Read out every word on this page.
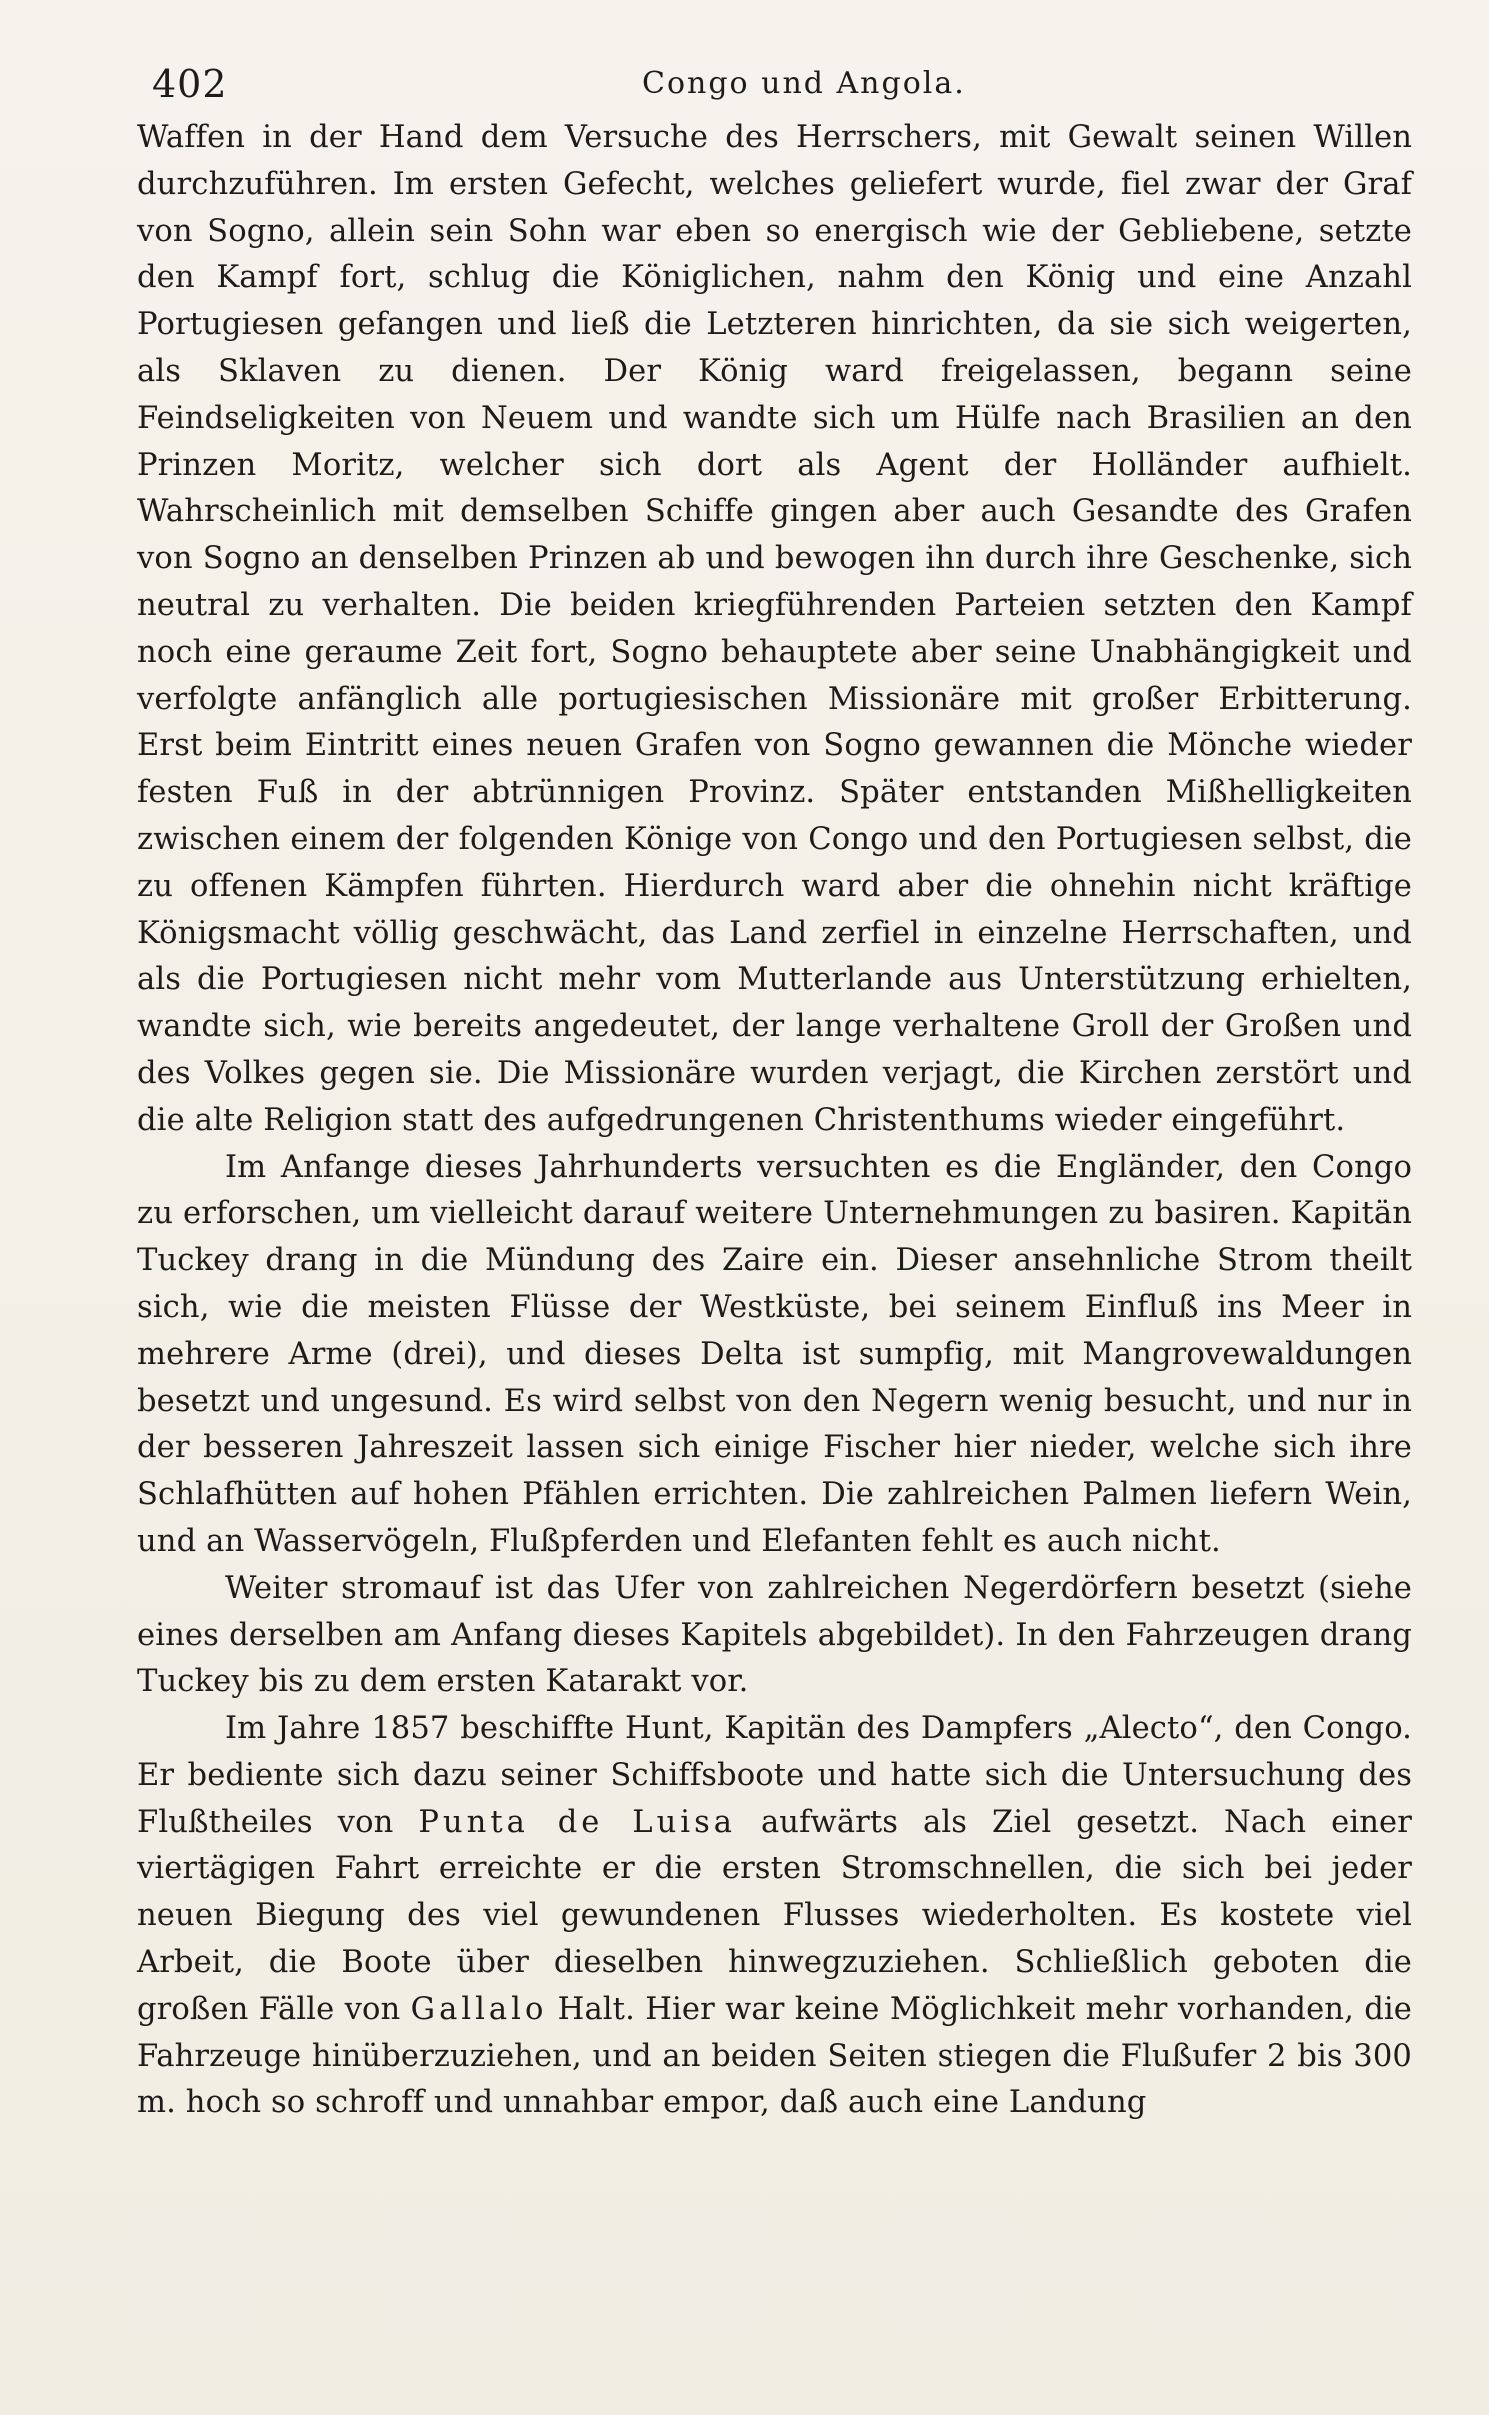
402	Congo und Angola.

Waffen in der Hand dem Versuche des Herrschers, mit Gewalt seinen Willen durchzuführen. Im ersten Gefecht, welches geliefert wurde, fiel zwar der Graf von Sogno, allein sein Sohn war eben so energisch wie der Gebliebene, setzte den Kampf fort, schlug die Königlichen, nahm den König und eine Anzahl Portugiesen gefangen und ließ die Letzteren hinrichten, da sie sich weigerten, als Sklaven zu dienen. Der König ward freigelassen, begann seine Feindseligkeiten von Neuem und wandte sich um Hülfe nach Brasilien an den Prinzen Moritz, welcher sich dort als Agent der Holländer aufhielt. Wahrscheinlich mit demselben Schiffe gingen aber auch Gesandte des Grafen von Sogno an denselben Prinzen ab und bewogen ihn durch ihre Geschenke, sich neutral zu verhalten. Die beiden kriegführenden Parteien setzten den Kampf noch eine geraume Zeit fort, Sogno behauptete aber seine Unabhängigkeit und verfolgte anfänglich alle portugiesischen Missionäre mit großer Erbitterung. Erst beim Eintritt eines neuen Grafen von Sogno gewannen die Mönche wieder festen Fuß in der abtrünnigen Provinz. Später entstanden Mißhelligkeiten zwischen einem der folgenden Könige von Congo und den Portugiesen selbst, die zu offenen Kämpfen führten. Hierdurch ward aber die ohnehin nicht kräftige Königsmacht völlig geschwächt, das Land zerfiel in einzelne Herrschaften, und als die Portugiesen nicht mehr vom Mutterlande aus Unterstützung erhielten, wandte sich, wie bereits angedeutet, der lange verhaltene Groll der Großen und des Volkes gegen sie. Die Missionäre wurden verjagt, die Kirchen zerstört und die alte Religion statt des aufgedrungenen Christenthums wieder eingeführt.

Im Anfange dieses Jahrhunderts versuchten es die Engländer, den Congo zu erforschen, um vielleicht darauf weitere Unternehmungen zu basiren. Kapitän Tuckey drang in die Mündung des Zaire ein. Dieser ansehnliche Strom theilt sich, wie die meisten Flüsse der Westküste, bei seinem Einfluß ins Meer in mehrere Arme (drei), und dieses Delta ist sumpfig, mit Mangrovewaldungen besetzt und ungesund. Es wird selbst von den Negern wenig besucht, und nur in der besseren Jahreszeit lassen sich einige Fischer hier nieder, welche sich ihre Schlafhütten auf hohen Pfählen errichten. Die zahlreichen Palmen liefern Wein, und an Wasservögeln, Flußpferden und Elefanten fehlt es auch nicht.

Weiter stromauf ist das Ufer von zahlreichen Negerdörfern besetzt (siehe eines derselben am Anfang dieses Kapitels abgebildet). In den Fahrzeugen drang Tuckey bis zu dem ersten Katarakt vor.

Im Jahre 1857 beschiffte Hunt, Kapitän des Dampfers „Alecto“, den Congo. Er bediente sich dazu seiner Schiffsboote und hatte sich die Untersuchung des Flußtheiles von Punta de Luisa aufwärts als Ziel gesetzt. Nach einer viertägigen Fahrt erreichte er die ersten Stromschnellen, die sich bei jeder neuen Biegung des viel gewundenen Flusses wiederholten. Es kostete viel Arbeit, die Boote über dieselben hinwegzuziehen. Schließlich geboten die großen Fälle von Gallalo Halt. Hier war keine Möglichkeit mehr vorhanden, die Fahrzeuge hinüberzuziehen, und an beiden Seiten stiegen die Flußufer 2 bis 300 m. hoch so schroff und unnahbar empor, daß auch eine Landung
